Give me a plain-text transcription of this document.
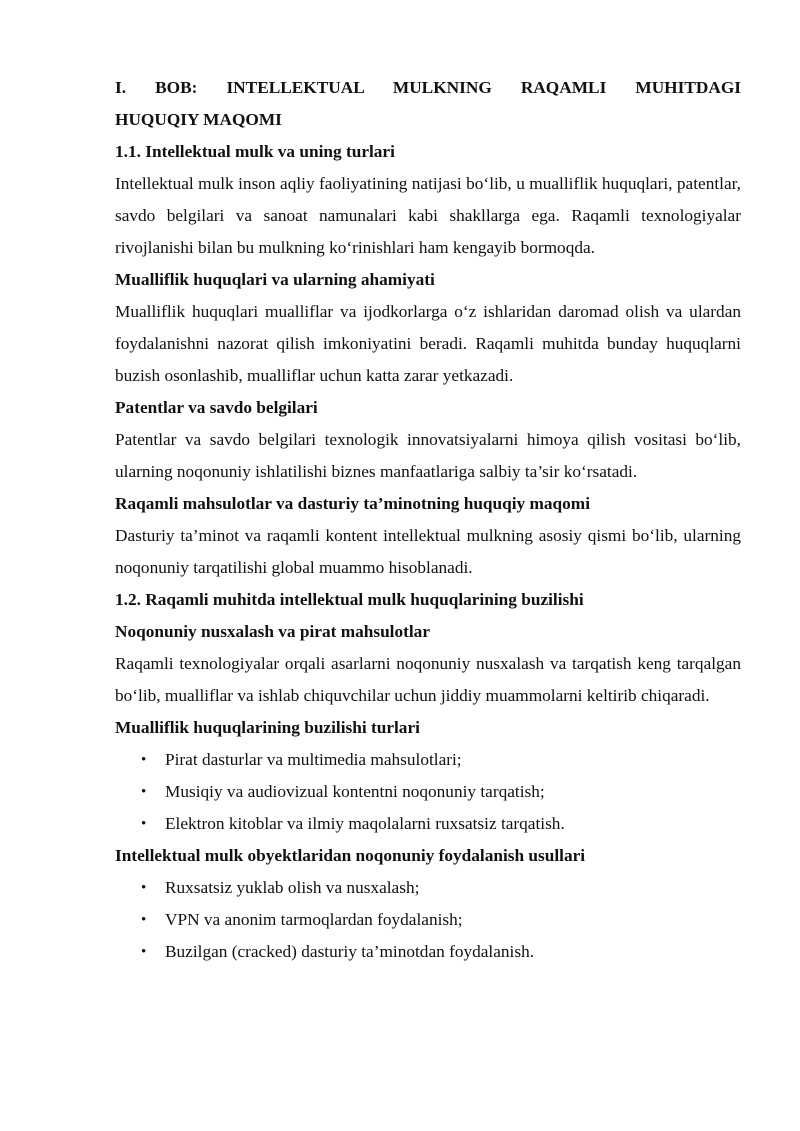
I. BOB: INTELLEKTUAL MULKNING RAQAMLI MUHITDAGI
HUQUQIY MAQOMI

1.1. Intellektual mulk va uning turlari

Intellektual mulk inson aqliy faoliyatining natijasi bo‘lib, u mualliflik huquqlari, patentlar, savdo belgilari va sanoat namunalari kabi shakllarga ega. Raqamli texnologiyalar rivojlanishi bilan bu mulkning ko‘rinishlari ham kengayib bormoqda.

Mualliflik huquqlari va ularning ahamiyati

Mualliflik huquqlari mualliflar va ijodkorlarga o‘z ishlaridan daromad olish va ulardan foydalanishni nazorat qilish imkoniyatini beradi. Raqamli muhitda bunday huquqlarni buzish osonlashib, mualliflar uchun katta zarar yetkazadi.

Patentlar va savdo belgilari

Patentlar va savdo belgilari texnologik innovatsiyalarni himoya qilish vositasi bo‘lib, ularning noqonuniy ishlatilishi biznes manfaatlariga salbiy ta’sir ko‘rsatadi.

Raqamli mahsulotlar va dasturiy ta’minotning huquqiy maqomi

Dasturiy ta’minot va raqamli kontent intellektual mulkning asosiy qismi bo‘lib, ularning noqonuniy tarqatilishi global muammo hisoblanadi.

1.2. Raqamli muhitda intellektual mulk huquqlarining buzilishi

Noqonuniy nusxalash va pirat mahsulotlar

Raqamli texnologiyalar orqali asarlarni noqonuniy nusxalash va tarqatish keng tarqalgan bo‘lib, mualliflar va ishlab chiquvchilar uchun jiddiy muammolarni keltirib chiqaradi.

Mualliflik huquqlarining buzilishi turlari

• Pirat dasturlar va multimedia mahsulotlari;
• Musiqiy va audiovizual kontentni noqonuniy tarqatish;
• Elektron kitoblar va ilmiy maqolalarni ruxsatsiz tarqatish.

Intellektual mulk obyektlaridan noqonuniy foydalanish usullari

• Ruxsatsiz yuklab olish va nusxalash;
• VPN va anonim tarmoqlardan foydalanish;
• Buzilgan (cracked) dasturiy ta’minotdan foydalanish.
